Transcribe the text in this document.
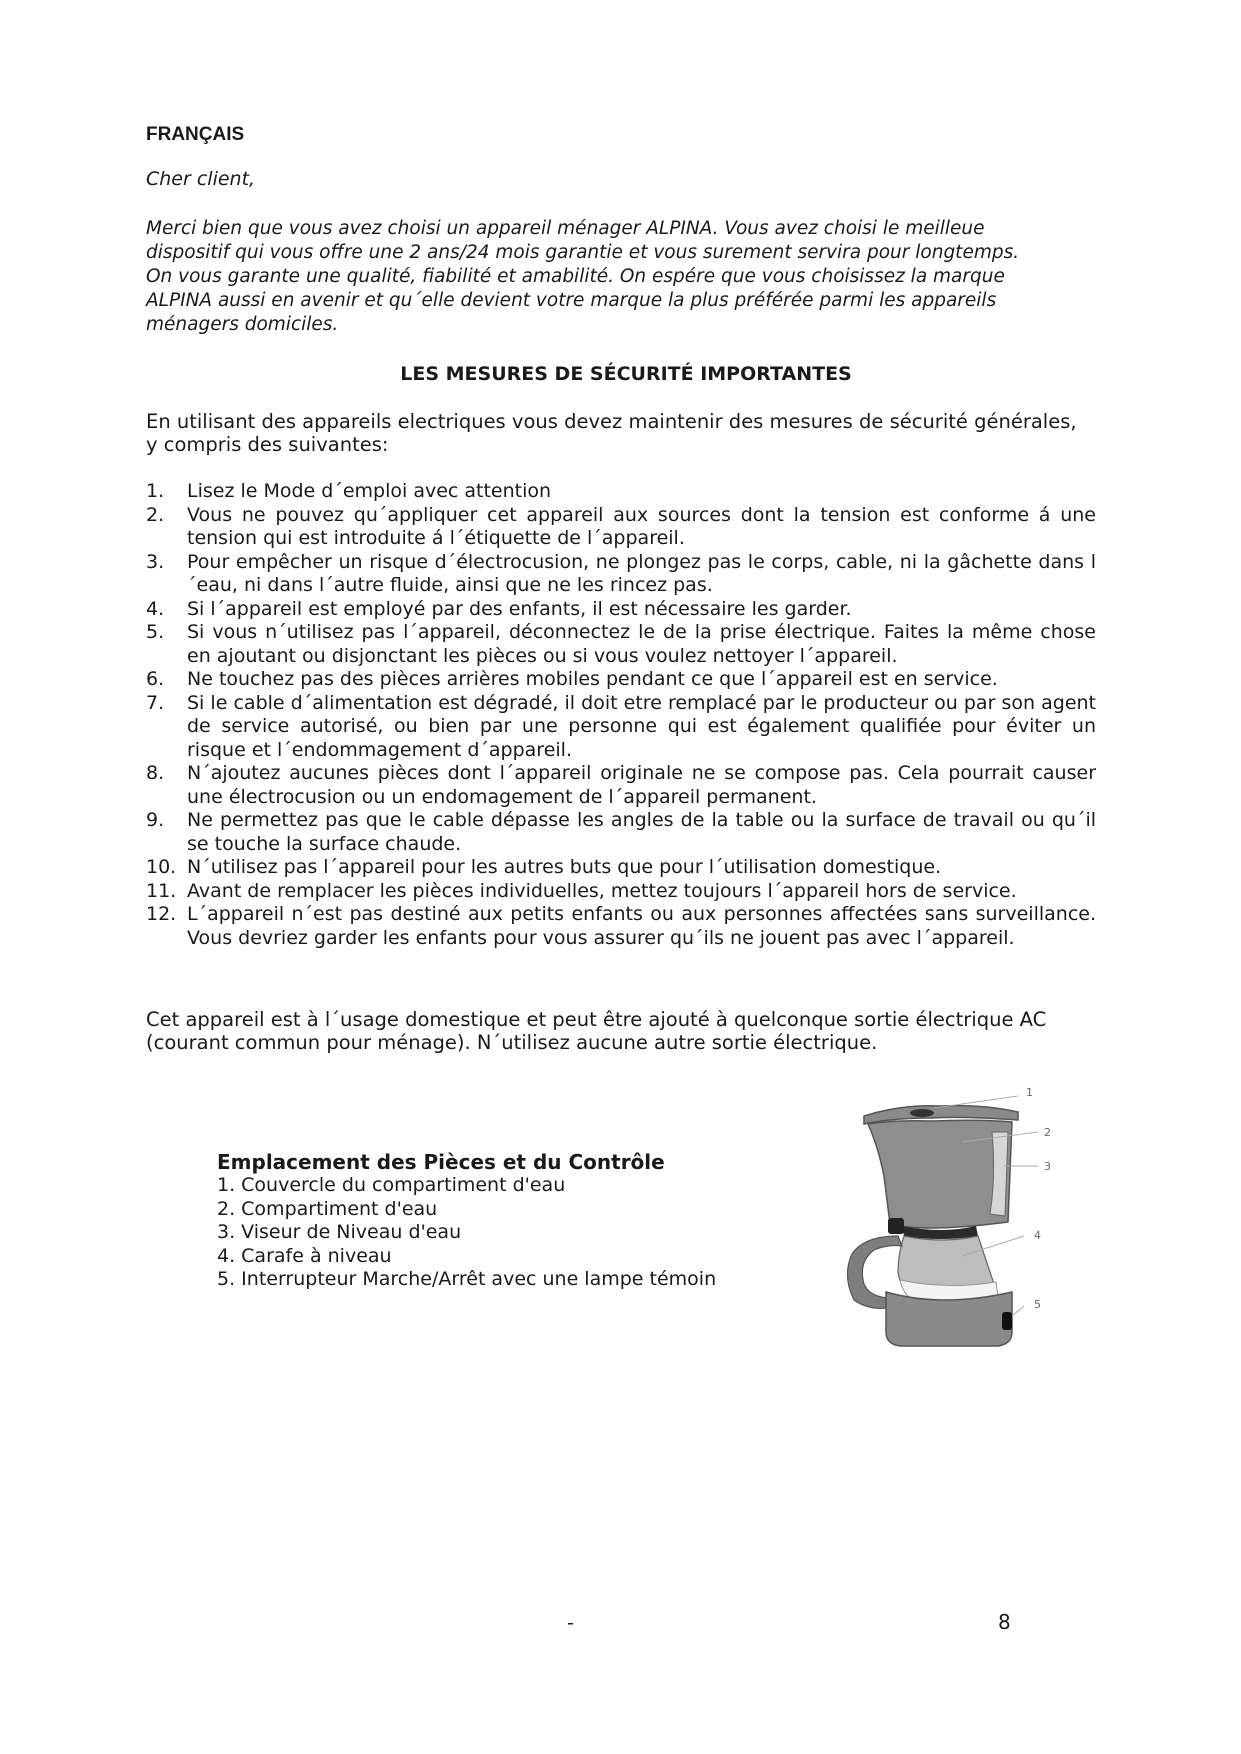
FRANÇAIS
Cher client,

Merci bien que vous avez choisi un appareil ménager ALPINA. Vous avez choisi le meilleue
dispositif qui vous offre une 2 ans/24 mois garantie et vous surement servira pour longtemps.
On vous garante une qualité, fiabilité et amabilité. On espére que vous choisissez la marque
ALPINA aussi en avenir et qu´elle devient votre marque la plus préférée parmi les appareils
ménagers domiciles.

LES MESURES DE SÉCURITÉ IMPORTANTES

En utilisant des appareils electriques vous devez maintenir des mesures de sécurité générales,
y compris des suivantes:

1. Lisez le Mode d´emploi avec attention
2. Vous ne pouvez qu´appliquer cet appareil aux sources dont la tension est conforme á une tension qui est introduite á l´étiquette de l´appareil.
3. Pour empêcher un risque d´électrocusion, ne plongez pas le corps, cable, ni la gâchette dans l´eau, ni dans l´autre fluide, ainsi que ne les rincez pas.
4. Si l´appareil est employé par des enfants, il est nécessaire les garder.
5. Si vous n´utilisez pas l´appareil, déconnectez le de la prise électrique. Faites la même chose en ajoutant ou disjonctant les pièces ou si vous voulez nettoyer l´appareil.
6. Ne touchez pas des pièces arrières mobiles pendant ce que l´appareil est en service.
7. Si le cable d´alimentation est dégradé, il doit etre remplacé par le producteur ou par son agent de service autorisé, ou bien par une personne qui est également qualifiée pour éviter un risque et l´endommagement d´appareil.
8. N´ajoutez aucunes pièces dont l´appareil originale ne se compose pas. Cela pourrait causer une électrocusion ou un endomagement de l´appareil permanent.
9. Ne permettez pas que le cable dépasse les angles de la table ou la surface de travail ou qu´il se touche la surface chaude.
10. N´utilisez pas l´appareil pour les autres buts que pour l´utilisation domestique.
11. Avant de remplacer les pièces individuelles, mettez toujours l´appareil hors de service.
12. L´appareil n´est pas destiné aux petits enfants ou aux personnes affectées sans surveillance. Vous devriez garder les enfants pour vous assurer qu´ils ne jouent pas avec l´appareil.

Cet appareil est à l´usage domestique et peut être ajouté à quelconque sortie électrique AC
(courant commun pour ménage). N´utilisez aucune autre sortie électrique.

Emplacement des Pièces et du Contrôle
1. Couvercle du compartiment d'eau
2. Compartiment d'eau
3. Viseur de Niveau d'eau
4. Carafe à niveau
5. Interrupteur Marche/Arrêt avec une lampe témoin
1
2
3
4
5
-	8
